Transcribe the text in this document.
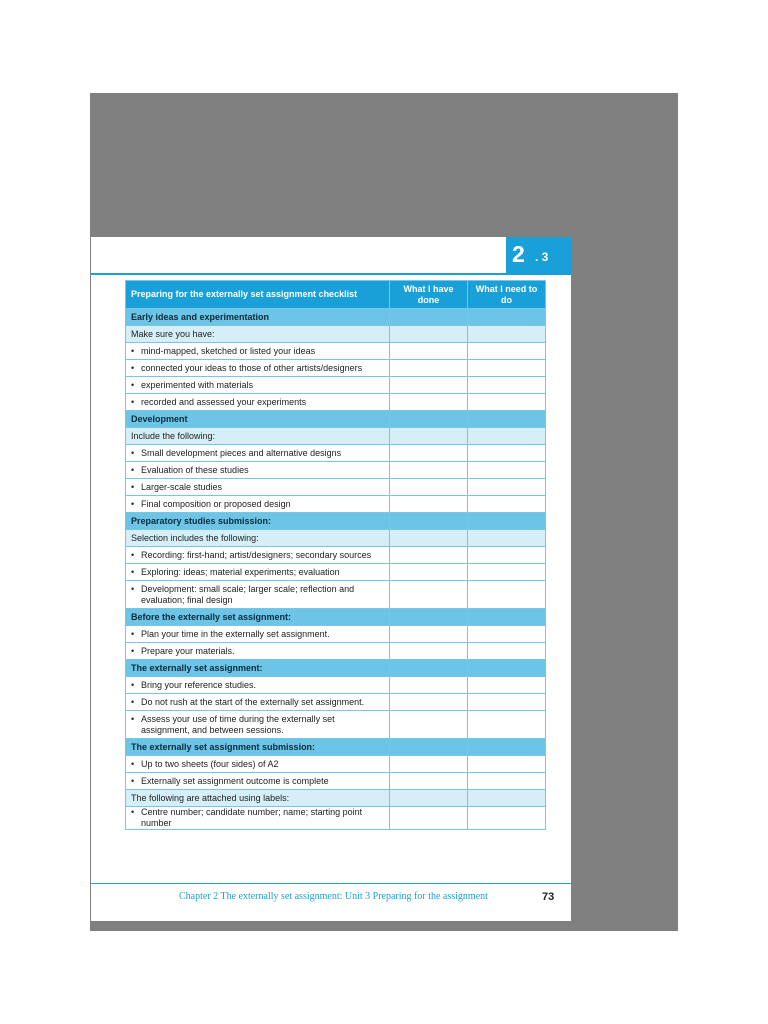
2 . 3
Preparing for the externally set assignment checklist	What I have done	What I need to do
Early ideas and experimentation		
Make sure you have:		
• mind-mapped, sketched or listed your ideas		
• connected your ideas to those of other artists/designers		
• experimented with materials		
• recorded and assessed your experiments		
Development		
Include the following:		
• Small development pieces and alternative designs		
• Evaluation of these studies		
• Larger-scale studies		
• Final composition or proposed design		
Preparatory studies submission:		
Selection includes the following:		
• Recording: first-hand; artist/designers; secondary sources		
• Exploring: ideas; material experiments; evaluation		
• Development: small scale; larger scale; reflection and evaluation; final design		
Before the externally set assignment:		
• Plan your time in the externally set assignment.		
• Prepare your materials.		
The externally set assignment:		
• Bring your reference studies.		
• Do not rush at the start of the externally set assignment.		
• Assess your use of time during the externally set assignment, and between sessions.		
The externally set assignment submission:		
• Up to two sheets (four sides) of A2		
• Externally set assignment outcome is complete		
The following are attached using labels:		
• Centre number; candidate number; name; starting point number		
Chapter 2 The externally set assignment: Unit 3 Preparing for the assignment	73
